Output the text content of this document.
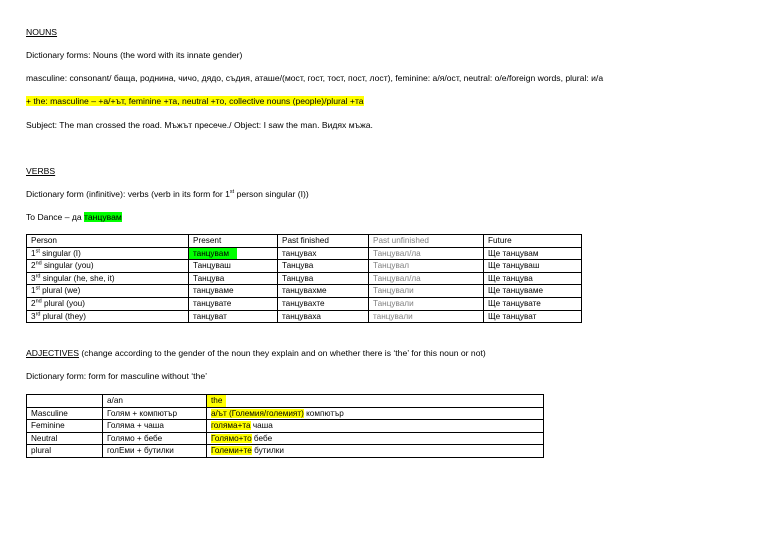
NOUNS
Dictionary forms: Nouns (the word with its innate gender)
masculine: consonant/ баща, роднина, чичо, дядо, съдия, аташе/(мост, гост, тост, пост, лост), feminine: а/я/ост, neutral: о/е/foreign words, plural: и/а
+ the: masculine – +а/+ът, feminine +та, neutral +то, collective nouns (people)/plural +та
Subject: The man crossed the road. Мъжът пресече./ Object: I saw the man. Видях мъжа.
VERBS
Dictionary form (infinitive): verbs (verb in its form for 1st person singular (I))
To Dance – да танцувам
Person	Present	Past finished	Past unfinished	Future
1st singular (I)	танцувам	танцувах	Танцувал/ла	Ще танцувам
2nd singular (you)	Танцуваш	Танцува	Танцувал	Ще танцуваш
3rd singular (he, she, it)	Танцува	Танцува	Танцувал/ла	Ще танцува
1st plural (we)	танцуваме	танцувахме	Танцували	Ще танцуваме
2nd plural (you)	танцувате	танцувахте	Танцували	Ще танцувате
3rd plural (they)	танцуват	танцуваха	танцували	Ще танцуват
ADJECTIVES (change according to the gender of the noun they explain and on whether there is ‘the’ for this noun or not)
Dictionary form: form for masculine without ‘the’
	a/an	the
Masculine	Голям + компютър	а/ът (Големия/големият) компютър
Feminine	Голяма + чаша	голяма+та чаша
Neutral	Голямо + бебе	Голямо+то бебе
plural	голЕми + бутилки	Големи+те бутилки
